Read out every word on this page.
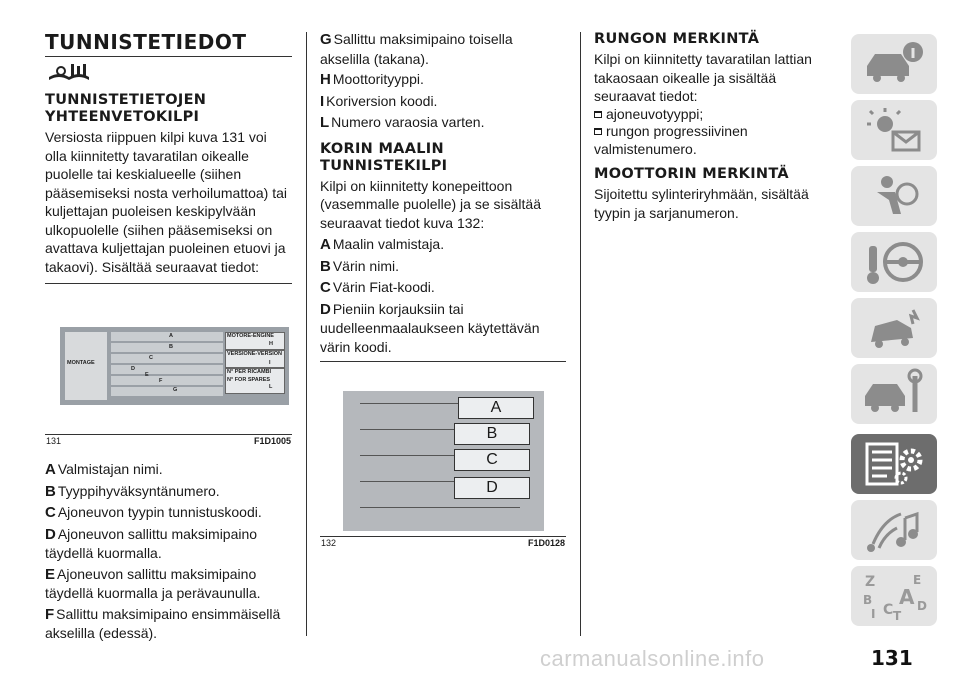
TUNNISTETIEDOT
TUNNISTETIETOJEN YHTEENVETOKILPI

Versiosta riippuen kilpi kuva 131 voi olla kiinnitetty tavaratilan oikealle puolelle tai keskialueelle (siihen pääsemiseksi nosta verhoilumattoa) tai kuljettajan puoleisen keskipylvään ulkopuolelle (siihen pääsemiseksi on avattava kuljettajan puoleinen etuovi ja takaovi). Sisältää seuraavat tiedot:

MOTORE-ENGINE
VERSIONE-VERSION
N° PER RICAMBI
N° FOR SPARES
MONTAGE
A
B
C
D
E
F
G
H
I
L
131	F1D1005

A Valmistajan nimi.

B Tyyppihyväksyntänumero.

C Ajoneuvon tyypin tunnistuskoodi.

D Ajoneuvon sallittu maksimipaino täydellä kuormalla.

E Ajoneuvon sallittu maksimipaino täydellä kuormalla ja perävaunulla.

F Sallittu maksimipaino ensimmäisellä akselilla (edessä).

G Sallittu maksimipaino toisella akselilla (takana).

H Moottorityyppi.

I Koriversion koodi.

L Numero varaosia varten.

KORIN MAALIN TUNNISTEKILPI

Kilpi on kiinnitetty konepeittoon (vasemmalle puolelle) ja se sisältää seuraavat tiedot kuva 132:

A Maalin valmistaja.

B Värin nimi.

C Värin Fiat-koodi.

D Pieniin korjauksiin tai uudelleenmaalaukseen käytettävän värin koodi.

A
B
C
D
132	F1D0128
RUNGON MERKINTÄ

Kilpi on kiinnitetty tavaratilan lattian takaosaan oikealle ja sisältää seuraavat tiedot:

ajoneuvotyyppi;
rungon progressiivinen

valmistenumero.

MOOTTORIN MERKINTÄ

Sijoitettu sylinteriryhmään, sisältää tyypin ja sarjanumeron.

Z	E
B A D
I C T
carmanualsonline.info	131
